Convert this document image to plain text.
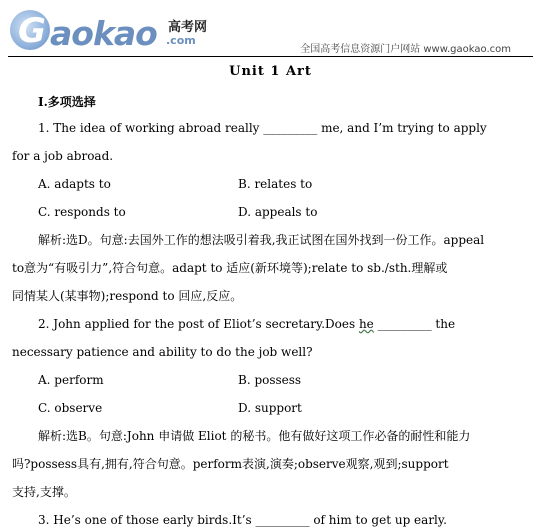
G aokao 高考网
.com
全国高考信息资源门户网站 www.gaokao.com
Unit 1 Art
Ⅰ.多项选择
1. The idea of working abroad really _________ me, and I’m trying to apply
for a job abroad.
A. adapts to	B. relates to
C. responds to	D. appeals to
解析:选D。句意:去国外工作的想法吸引着我,我正试图在国外找到一份工作。appeal
to意为“有吸引力”,符合句意。adapt to 适应(新环境等);relate to sb./sth.理解或
同情某人(某事物);respond to 回应,反应。
2. John applied for the post of Eliot’s secretary.Does he _________ the
necessary patience and ability to do the job well?
A. perform	B. possess
C. observe	D. support
解析:选B。句意:John 申请做 Eliot 的秘书。他有做好这项工作必备的耐性和能力
吗?possess具有,拥有,符合句意。perform表演,演奏;observe观察,观到;support
支持,支撑。
3. He’s one of those early birds.It’s _________ of him to get up early.
